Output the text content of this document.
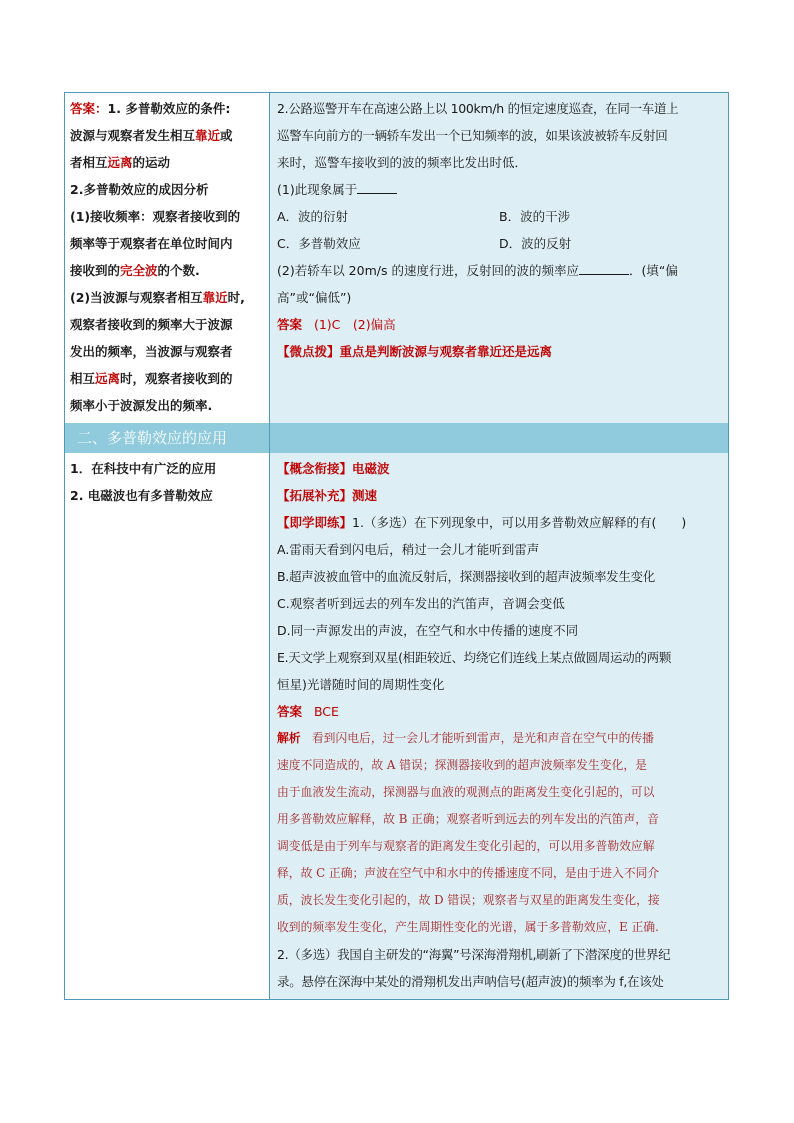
答案：1. 多普勒效应的条件:
波源与观察者发生相互靠近或
者相互远离的运动
2.多普勒效应的成因分析
(1)接收频率：观察者接收到的
频率等于观察者在单位时间内
接收到的完全波的个数.
(2)当波源与观察者相互靠近时,
观察者接收到的频率大于波源
发出的频率，当波源与观察者
相互远离时，观察者接收到的
频率小于波源发出的频率.
2.公路巡警开车在高速公路上以 100km/h 的恒定速度巡查，在同一车道上
巡警车向前方的一辆轿车发出一个已知频率的波，如果该波被轿车反射回
来时，巡警车接收到的波的频率比发出时低．
(1)此现象属于
A．波的衍射	B．波的干涉
C．多普勒效应	D．波的反射
(2)若轿车以 20m/s 的速度行进，反射回的波的频率应	．(填“偏
高”或“偏低”)
答案 (1)C　(2)偏高
【微点拨】重点是判断波源与观察者靠近还是远离

二、多普勒效应的应用
1．在科技中有广泛的应用
2. 电磁波也有多普勒效应
【概念衔接】电磁波
【拓展补充】测速
【即学即练】1.（多选）在下列现象中，可以用多普勒效应解释的有(　　)
A.雷雨天看到闪电后，稍过一会儿才能听到雷声
B.超声波被血管中的血流反射后，探测器接收到的超声波频率发生变化
C.观察者听到远去的列车发出的汽笛声，音调会变低
D.同一声源发出的声波，在空气和水中传播的速度不同
E.天文学上观察到双星(相距较近、均绕它们连线上某点做圆周运动的两颗
恒星)光谱随时间的周期性变化
答案 BCE
解析 看到闪电后，过一会儿才能听到雷声，是光和声音在空气中的传播
速度不同造成的，故 A 错误；探测器接收到的超声波频率发生变化，是
由于血液发生流动，探测器与血液的观测点的距离发生变化引起的，可以
用多普勒效应解释，故 B 正确；观察者听到远去的列车发出的汽笛声，音
调变低是由于列车与观察者的距离发生变化引起的，可以用多普勒效应解
释，故 C 正确；声波在空气中和水中的传播速度不同，是由于进入不同介
质，波长发生变化引起的，故 D 错误；观察者与双星的距离发生变化，接
收到的频率发生变化，产生周期性变化的光谱，属于多普勒效应，E 正确.
2.（多选）我国自主研发的“海翼”号深海滑翔机,刷新了下潜深度的世界纪
录。悬停在深海中某处的滑翔机发出声呐信号(超声波)的频率为 f,在该处
